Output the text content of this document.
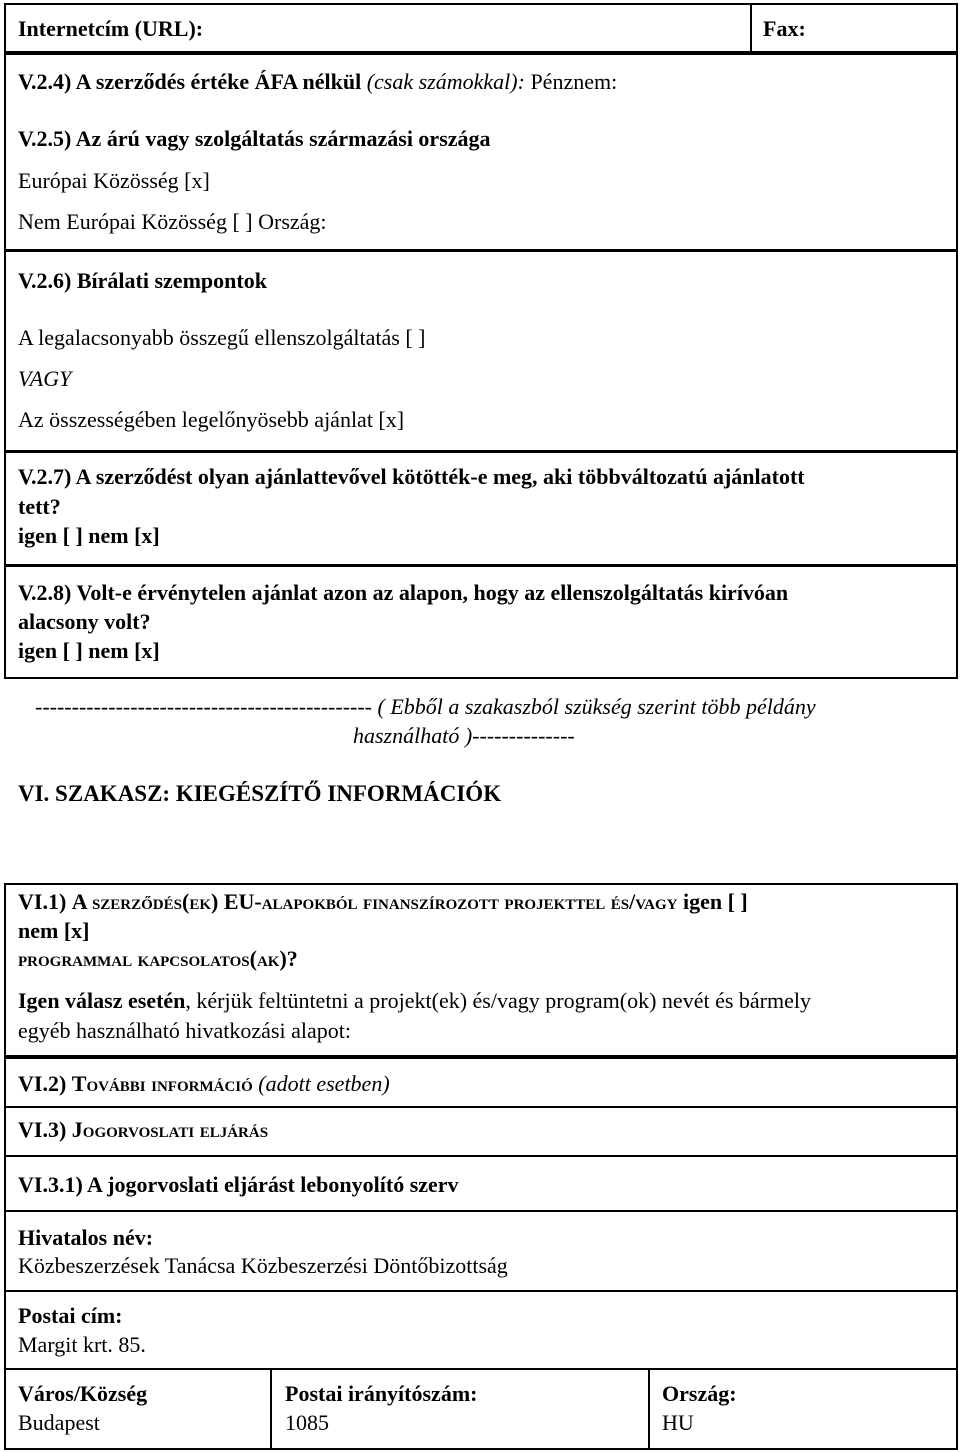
Internetcím (URL):	Fax:
V.2.4) A szerződés értéke ÁFA nélkül (csak számokkal): Pénznem:
V.2.5) Az árú vagy szolgáltatás származási országa
Európai Közösség [x]
Nem Európai Közösség [ ] Ország:
V.2.6) Bírálati szempontok
A legalacsonyabb összegű ellenszolgáltatás [ ]
VAGY
Az összességében legelőnyösebb ajánlat [x]
V.2.7) A szerződést olyan ajánlattevővel kötötték-e meg, aki többváltozatú ajánlatott
tett?
igen [ ] nem [x]
V.2.8) Volt-e érvénytelen ajánlat azon az alapon, hogy az ellenszolgáltatás kirívóan
alacsony volt?
igen [ ] nem [x]
---------------------------------------------- ( Ebből a szakaszból szükség szerint több példány
használható )--------------
VI. SZAKASZ: KIEGÉSZÍTŐ INFORMÁCIÓK
VI.1) A szerződés(ek) EU-alapokból finanszírozott projekttel és/vagy igen [ ]
nem [x]
programmal kapcsolatos(ak)?
Igen válasz esetén, kérjük feltüntetni a projekt(ek) és/vagy program(ok) nevét és bármely
egyéb használható hivatkozási alapot:
VI.2) További információ (adott esetben)
VI.3) Jogorvoslati eljárás
VI.3.1) A jogorvoslati eljárást lebonyolító szerv
Hivatalos név:
Közbeszerzések Tanácsa Közbeszerzési Döntőbizottság
Postai cím:
Margit krt. 85.
Város/Község
Budapest
Postai irányítószám:
1085
Ország:
HU
